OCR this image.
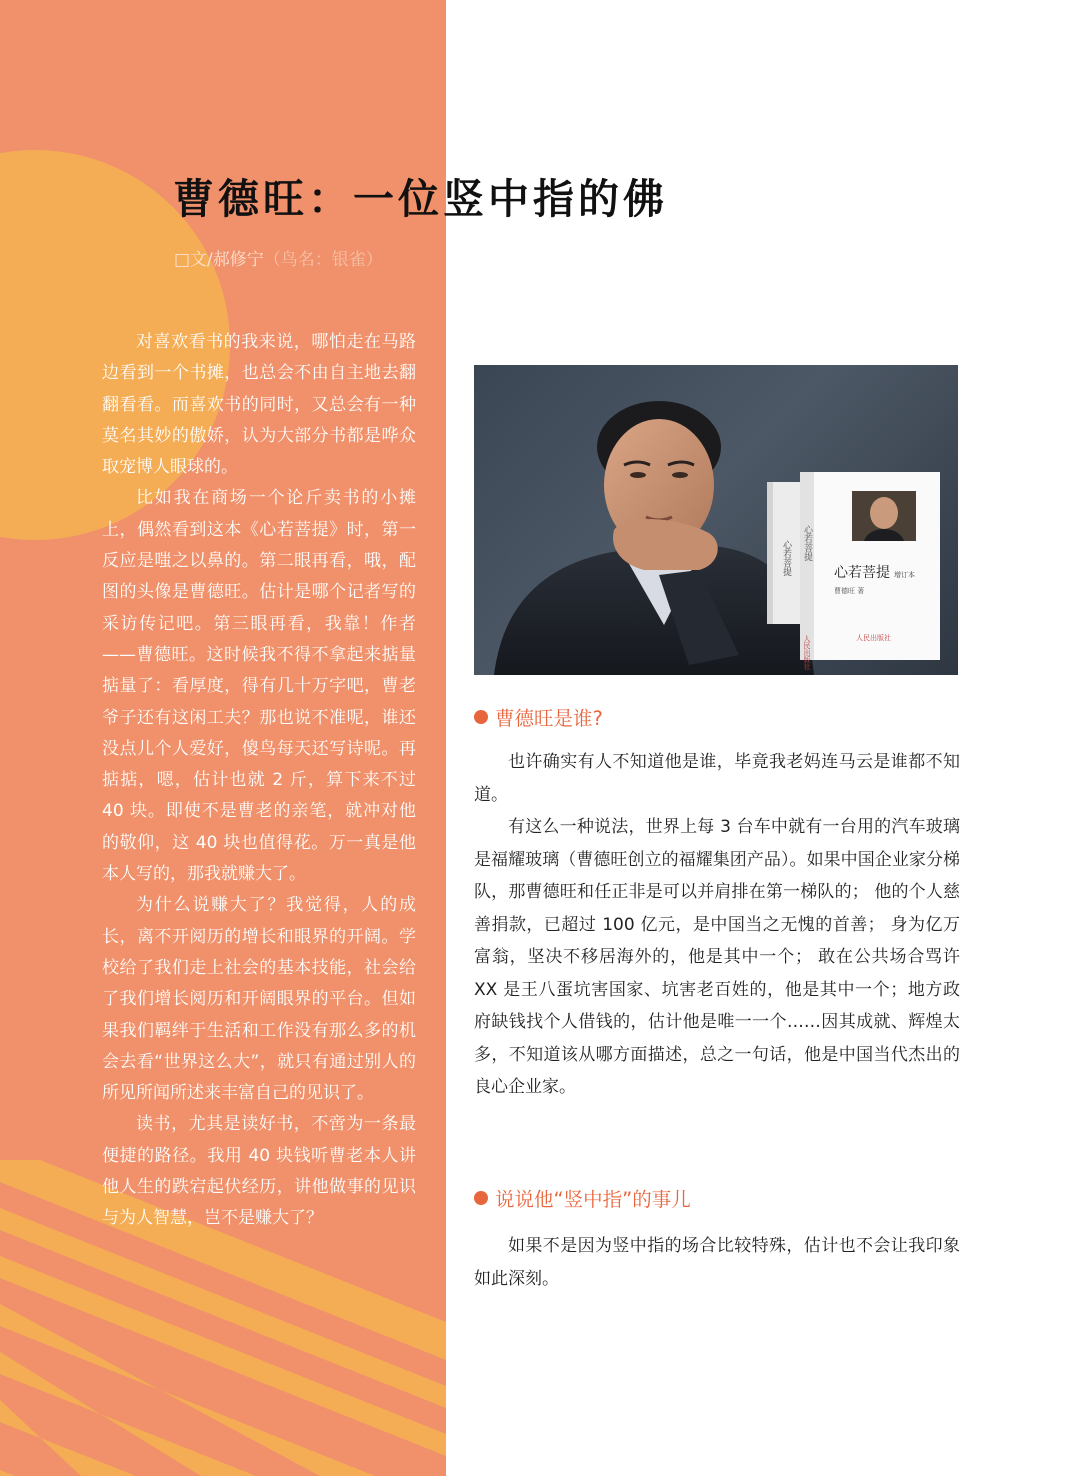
曹德旺：一位竖中指的佛
□文/郝修宁（鸟名：银雀）

对喜欢看书的我来说，哪怕走在马路边看到一个书摊，也总会不由自主地去翻翻看看。而喜欢书的同时，又总会有一种莫名其妙的傲娇，认为大部分书都是哗众取宠博人眼球的。

比如我在商场一个论斤卖书的小摊上，偶然看到这本《心若菩提》时，第一反应是嗤之以鼻的。第二眼再看，哦，配图的头像是曹德旺。估计是哪个记者写的采访传记吧。第三眼再看，我靠！作者——曹德旺。这时候我不得不拿起来掂量掂量了：看厚度，得有几十万字吧，曹老爷子还有这闲工夫？那也说不准呢，谁还没点儿个人爱好，傻鸟每天还写诗呢。再掂掂，嗯，估计也就 2 斤，算下来不过 40 块。即使不是曹老的亲笔，就冲对他的敬仰，这 40 块也值得花。万一真是他本人写的，那我就赚大了。

为什么说赚大了？我觉得，人的成长，离不开阅历的增长和眼界的开阔。学校给了我们走上社会的基本技能，社会给了我们增长阅历和开阔眼界的平台。但如果我们羁绊于生活和工作没有那么多的机会去看“世界这么大”，就只有通过别人的所见所闻所述来丰富自己的见识了。

读书，尤其是读好书，不啻为一条最便捷的路径。我用 40 块钱听曹老本人讲他人生的跌宕起伏经历，讲他做事的见识与为人智慧，岂不是赚大了？

心若菩提 心若菩提
人民出版社
心若菩提 增订本
曹德旺 著
人民出版社
曹德旺是谁?

也许确实有人不知道他是谁，毕竟我老妈连马云是谁都不知道。

有这么一种说法，世界上每 3 台车中就有一台用的汽车玻璃是福耀玻璃（曹德旺创立的福耀集团产品）。如果中国企业家分梯队，那曹德旺和任正非是可以并肩排在第一梯队的； 他的个人慈善捐款，已超过 100 亿元，是中国当之无愧的首善； 身为亿万富翁，坚决不移居海外的，他是其中一个； 敢在公共场合骂许 XX 是王八蛋坑害国家、坑害老百姓的，他是其中一个；地方政府缺钱找个人借钱的，估计他是唯一一个……因其成就、辉煌太多，不知道该从哪方面描述，总之一句话，他是中国当代杰出的良心企业家。

说说他“竖中指”的事儿

如果不是因为竖中指的场合比较特殊，估计也不会让我印象如此深刻。
